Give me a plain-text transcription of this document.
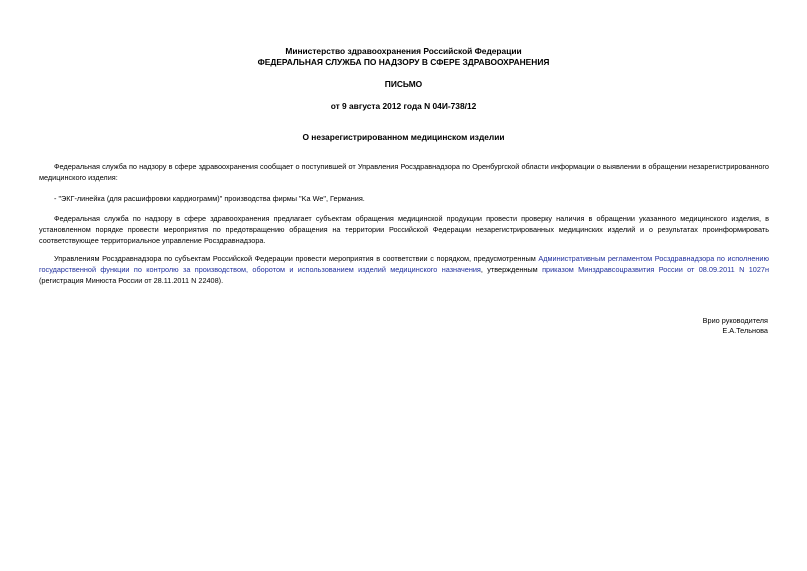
Министерство здравоохранения Российской Федерации
ФЕДЕРАЛЬНАЯ СЛУЖБА ПО НАДЗОРУ В СФЕРЕ ЗДРАВООХРАНЕНИЯ
ПИСЬМО
от 9 августа 2012 года N 04И-738/12
О незарегистрированном медицинском изделии

Федеральная служба по надзору в сфере здравоохранения сообщает о поступившей от Управления Росздравнадзора по Оренбургской области информации о выявлении в обращении незарегистрированного медицинского изделия:

- "ЭКГ-линейка (для расшифровки кардиограмм)" производства фирмы "Ka We", Германия.

Федеральная служба по надзору в сфере здравоохранения предлагает субъектам обращения медицинской продукции провести проверку наличия в обращении указанного медицинского изделия, в установленном порядке провести мероприятия по предотвращению обращения на территории Российской Федерации незарегистрированных медицинских изделий и о результатах проинформировать соответствующее территориальное управление Росздравнадзора.

Управлениям Росздравнадзора по субъектам Российской Федерации провести мероприятия в соответствии с порядком, предусмотренным Административным регламентом Росздравнадзора по исполнению государственной функции по контролю за производством, оборотом и использованием изделий медицинского назначения, утвержденным приказом Минздравсоцразвития России от 08.09.2011 N 1027н (регистрация Минюста России от 28.11.2011 N 22408).

Врио руководителя
Е.А.Тельнова
